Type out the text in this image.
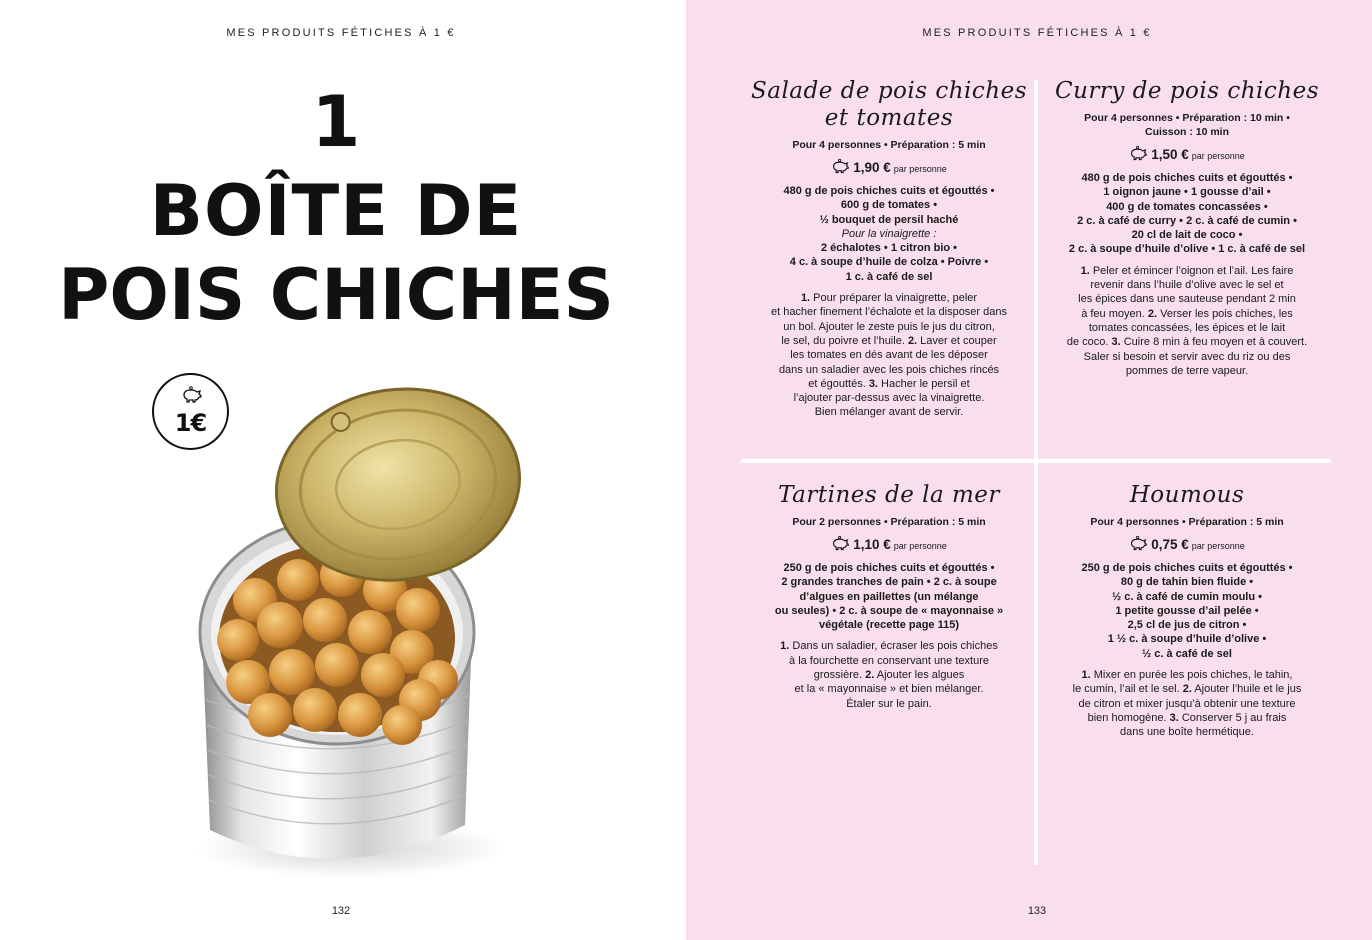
MES PRODUITS FÉTICHES À 1 €
1
BOÎTE DE
POIS CHICHES
1€
132
MES PRODUITS FÉTICHES À 1 €
Salade de pois chiches
et tomates
Pour 4 personnes • Préparation : 5 min
1,90 € par personne
480 g de pois chiches cuits et égouttés •
600 g de tomates •
½ bouquet de persil haché
Pour la vinaigrette :
2 échalotes • 1 citron bio •
4 c. à soupe d’huile de colza • Poivre •
1 c. à café de sel
1. Pour préparer la vinaigrette, peler
et hacher finement l’échalote et la disposer dans
un bol. Ajouter le zeste puis le jus du citron,
le sel, du poivre et l’huile. 2. Laver et couper
les tomates en dés avant de les déposer
dans un saladier avec les pois chiches rincés
et égouttés. 3. Hacher le persil et
l’ajouter par-dessus avec la vinaigrette.
Bien mélanger avant de servir.
Curry de pois chiches
Pour 4 personnes • Préparation : 10 min •
Cuisson : 10 min
1,50 € par personne
480 g de pois chiches cuits et égouttés •
1 oignon jaune • 1 gousse d’ail •
400 g de tomates concassées •
2 c. à café de curry • 2 c. à café de cumin •
20 cl de lait de coco •
2 c. à soupe d’huile d’olive • 1 c. à café de sel
1. Peler et émincer l’oignon et l’ail. Les faire
revenir dans l’huile d’olive avec le sel et
les épices dans une sauteuse pendant 2 min
à feu moyen. 2. Verser les pois chiches, les
tomates concassées, les épices et le lait
de coco. 3. Cuire 8 min à feu moyen et à couvert.
Saler si besoin et servir avec du riz ou des
pommes de terre vapeur.
Tartines de la mer
Pour 2 personnes • Préparation : 5 min
1,10 € par personne
250 g de pois chiches cuits et égouttés •
2 grandes tranches de pain • 2 c. à soupe
d’algues en paillettes (un mélange
ou seules) • 2 c. à soupe de « mayonnaise »
végétale (recette page 115)
1. Dans un saladier, écraser les pois chiches
à la fourchette en conservant une texture
grossière. 2. Ajouter les algues
et la « mayonnaise » et bien mélanger.
Étaler sur le pain.
Houmous
Pour 4 personnes • Préparation : 5 min
0,75 € par personne
250 g de pois chiches cuits et égouttés •
80 g de tahin bien fluide •
½ c. à café de cumin moulu •
1 petite gousse d’ail pelée •
2,5 cl de jus de citron •
1 ½ c. à soupe d’huile d’olive •
½ c. à café de sel
1. Mixer en purée les pois chiches, le tahin,
le cumin, l’ail et le sel. 2. Ajouter l’huile et le jus
de citron et mixer jusqu’à obtenir une texture
bien homogène. 3. Conserver 5 j au frais
dans une boîte hermétique.
133
